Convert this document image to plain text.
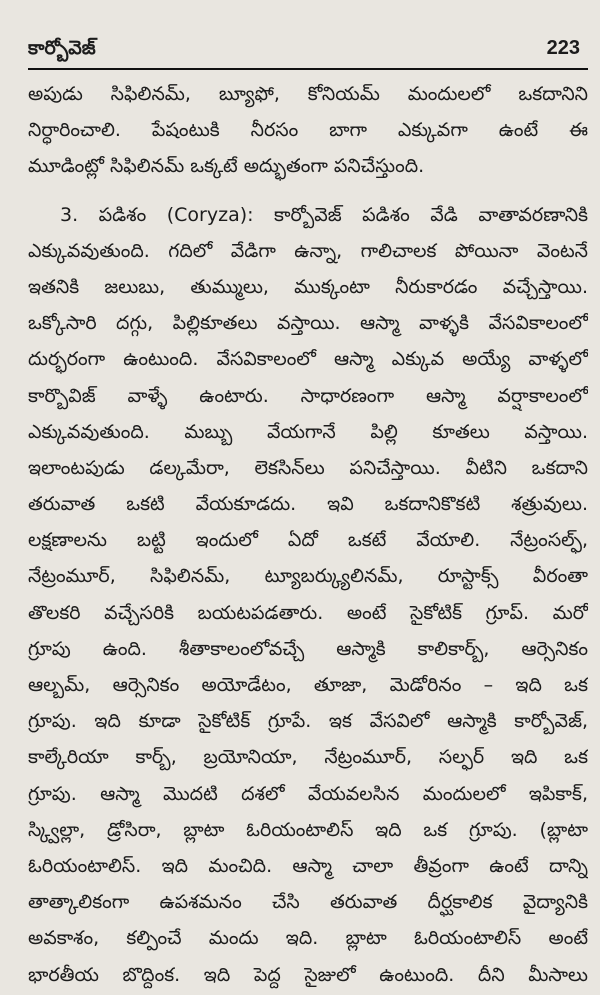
కార్బోవెజ్	223
అపుడు సిఫిలినమ్, బ్యూఫో, కోనియమ్ మందులలో ఒకదానిని
నిర్ధారించాలి. పేషంటుకి నీరసం బాగా ఎక్కువగా ఉంటే ఈ
మూడింట్లో సిఫిలినమ్ ఒక్కటే అద్భుతంగా పనిచేస్తుంది.
3. పడిశం (Coryza): కార్బోవెజ్ పడిశం వేడి వాతావరణానికి
ఎక్కువవుతుంది. గదిలో వేడిగా ఉన్నా, గాలిచాలక పోయినా వెంటనే
ఇతనికి జలుబు, తుమ్ములు, ముక్కంటా నీరుకారడం వచ్చేస్తాయి.
ఒక్కోసారి దగ్గు, పిల్లికూతలు వస్తాయి. ఆస్మా వాళ్ళకి వేసవికాలంలో
దుర్భరంగా ఉంటుంది. వేసవికాలంలో ఆస్మా ఎక్కువ అయ్యే వాళ్ళలో
కార్బొవిజ్ వాళ్ళే ఉంటారు. సాధారణంగా ఆస్మా వర్షాకాలంలో
ఎక్కువవుతుంది. మబ్బు వేయగానే పిల్లి కూతలు వస్తాయి.
ఇలాంటపుడు డల్కమేరా, లెకసిన్‌లు పనిచేస్తాయి. వీటిని ఒకదాని
తరువాత ఒకటి వేయకూడదు. ఇవి ఒకదానికొకటి శత్రువులు.
లక్షణాలను బట్టి ఇందులో ఏదో ఒకటే వేయాలి. నేట్రంసల్ఫ్,
నేట్రంమూర్, సిఫిలినమ్, ట్యూబర్క్యులినమ్, రూస్టాక్స్ వీరంతా
తొలకరి వచ్చేసరికి బయటపడతారు. అంటే సైకోటిక్ గ్రూప్. మరో
గ్రూపు ఉంది. శీతాకాలంలోవచ్చే ఆస్మాకి కాలికార్బ్, ఆర్సెనికం
ఆల్బమ్, ఆర్సెనికం అయోడేటం, తూజా, మెడోరినం – ఇది ఒక
గ్రూపు. ఇది కూడా సైకోటిక్ గ్రూపే. ఇక వేసవిలో ఆస్మాకి కార్బోవెజ్,
కాల్కేరియా కార్బ్, బ్రయోనియా, నేట్రంమూర్, సల్ఫర్ ఇది ఒక
గ్రూపు. ఆస్మా మొదటి దశలో వేయవలసిన మందులలో ఇపికాక్,
స్క్విల్లా, డ్రోసిరా, బ్లాటా ఓరియంటాలిస్ ఇది ఒక గ్రూపు. (బ్లాటా
ఓరియంటాలిస్. ఇది మంచిది. ఆస్మా చాలా తీవ్రంగా ఉంటే దాన్ని
తాత్కాలికంగా ఉపశమనం చేసి తరువాత దీర్ఘకాలిక వైద్యానికి
అవకాశం, కల్పించే మందు ఇది. బ్లాటా ఓరియంటాలిస్ అంటే
భారతీయ బొద్దింక. ఇది పెద్ద సైజులో ఉంటుంది. దీని మీసాలు
